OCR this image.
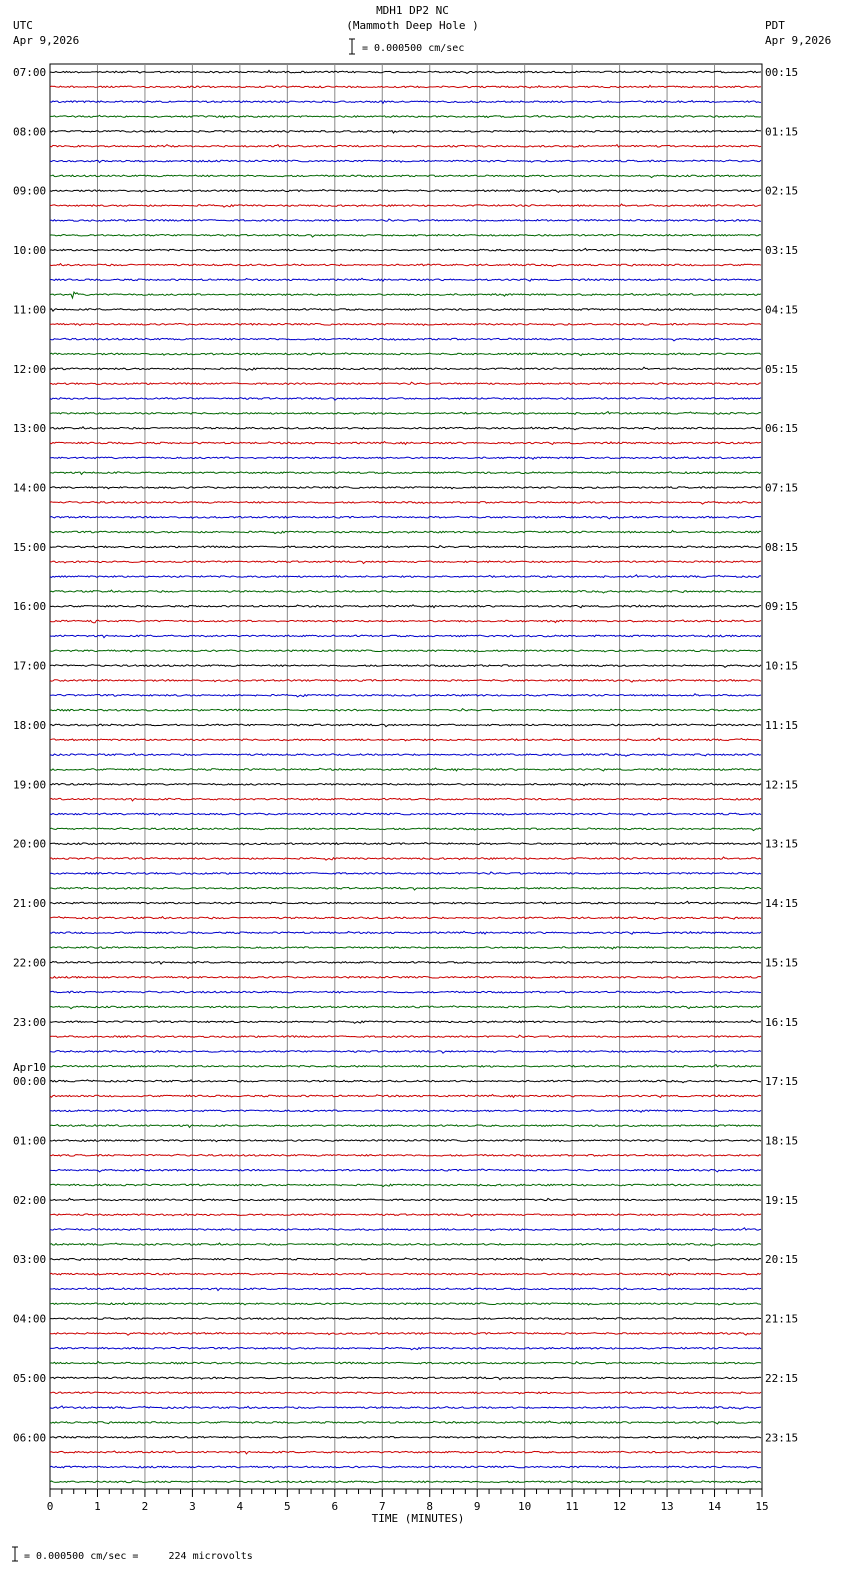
MDH1 DP2 NC
(Mammoth Deep Hole )
= 0.000500 cm/sec
UTC
Apr 9,2026
PDT
Apr 9,2026
0	1	2	3	4	5	6	7	8	9	10	11	12	13	14	15
TIME (MINUTES)
07:00
08:00
09:00
10:00
11:00
12:00
13:00
14:00
15:00
16:00
17:00
18:00
19:00
20:00
21:00
22:00
23:00
00:00
Apr10
01:00
02:00
03:00
04:00
05:00
06:00
00:15
01:15
02:15
03:15
04:15
05:15
06:15
07:15
08:15
09:15
10:15
11:15
12:15
13:15
14:15
15:15
16:15
17:15
18:15
19:15
20:15
21:15
22:15
23:15
= 0.000500 cm/sec =     224 microvolts
